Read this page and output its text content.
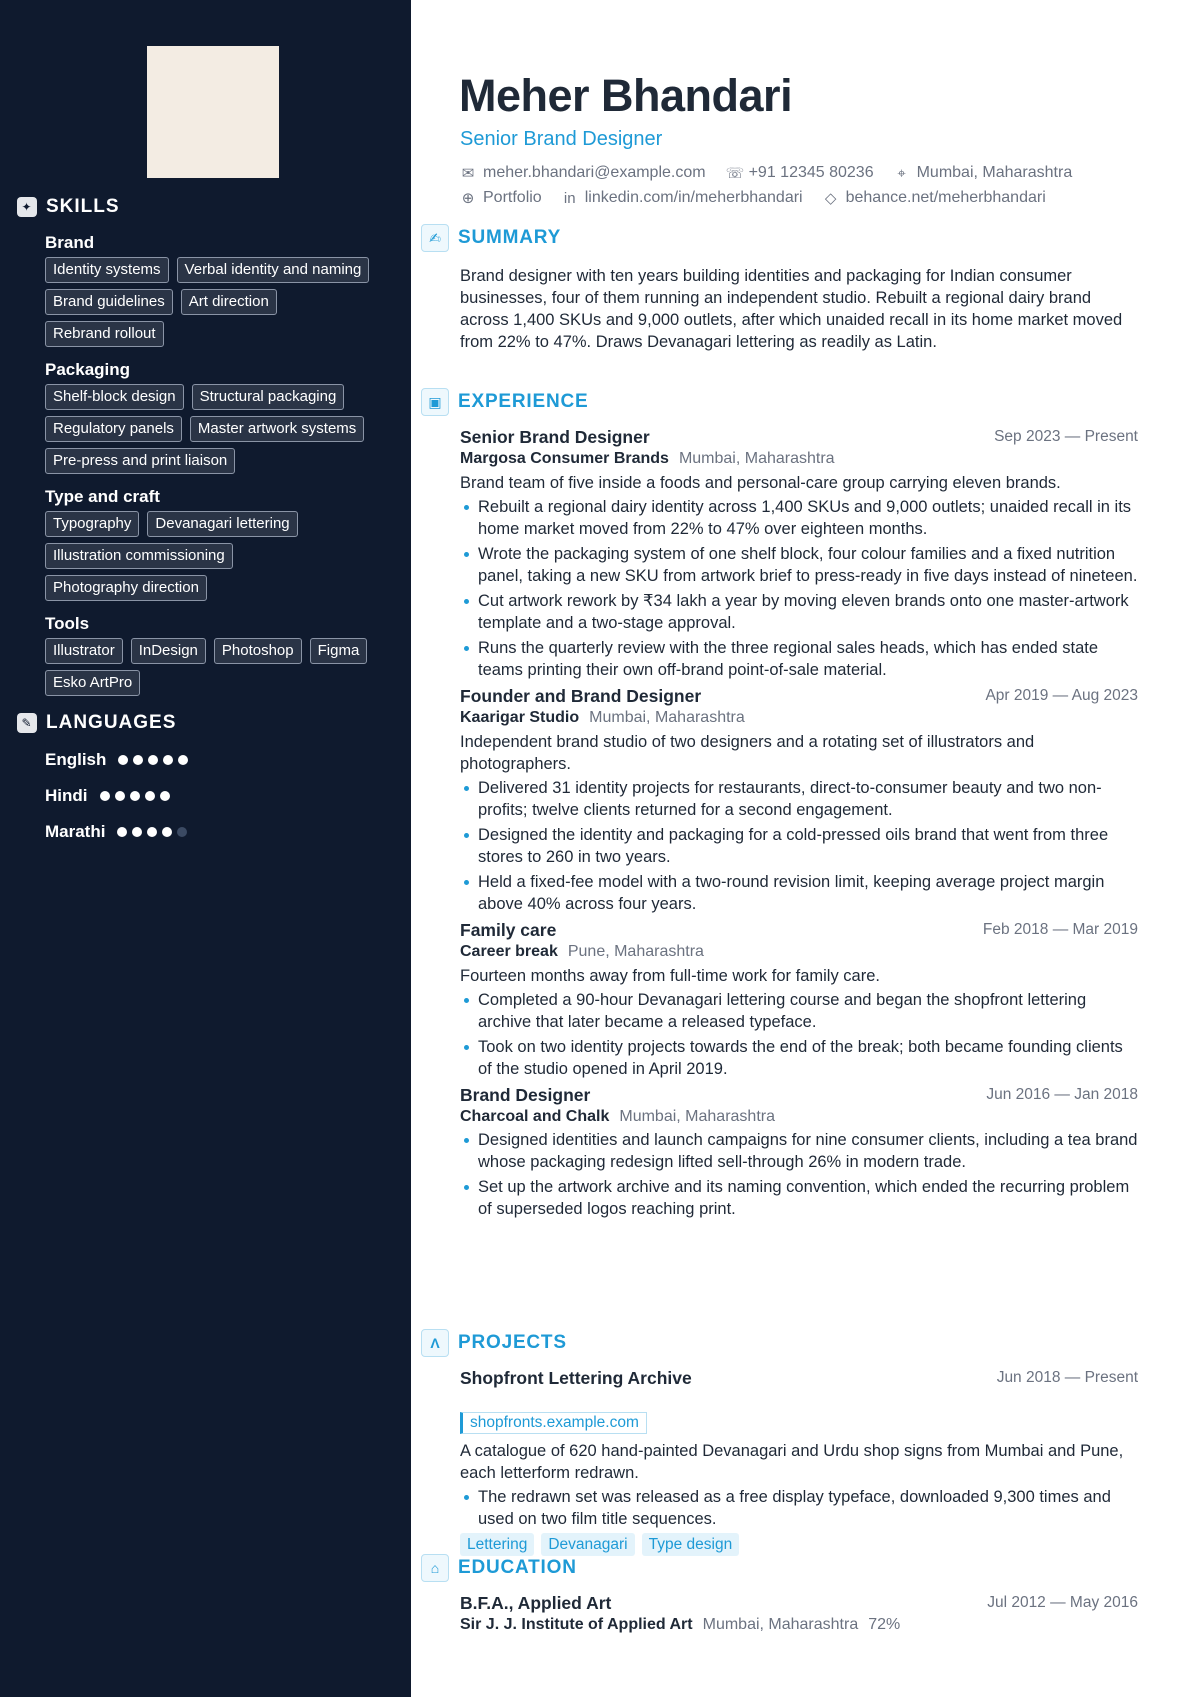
✦ SKILLS
Brand
Identity systems	Verbal identity and naming
Brand guidelines	Art direction
Rebrand rollout
Packaging
Shelf-block design	Structural packaging
Regulatory panels	Master artwork systems
Pre-press and print liaison
Type and craft
Typography	Devanagari lettering
Illustration commissioning
Photography direction
Tools
Illustrator	InDesign	Photoshop	Figma
Esko ArtPro
✎ LANGUAGES
English
Hindi
Marathi
Meher Bhandari
Senior Brand Designer
✉ meher.bhandari@example.com ☏ +91 12345 80236 ⌖ Mumbai, Maharashtra
⊕ Portfolio in linkedin.com/in/meherbhandari ◇ behance.net/meherbhandari
✍ SUMMARY
Brand designer with ten years building identities and packaging for Indian consumer businesses, four of them running an independent studio. Rebuilt a regional dairy brand across 1,400 SKUs and 9,000 outlets, after which unaided recall in its home market moved from 22% to 47%. Draws Devanagari lettering as readily as Latin.
▣ EXPERIENCE
Senior Brand Designer	Sep 2023 — Present
Margosa Consumer Brands Mumbai, Maharashtra
Brand team of five inside a foods and personal-care group carrying eleven brands.
Rebuilt a regional dairy identity across 1,400 SKUs and 9,000 outlets; unaided recall in its home market moved from 22% to 47% over eighteen months.
Wrote the packaging system of one shelf block, four colour families and a fixed nutrition panel, taking a new SKU from artwork brief to press-ready in five days instead of nineteen.
Cut artwork rework by ₹34 lakh a year by moving eleven brands onto one master-artwork template and a two-stage approval.
Runs the quarterly review with the three regional sales heads, which has ended state teams printing their own off-brand point-of-sale material.
Founder and Brand Designer	Apr 2019 — Aug 2023
Kaarigar Studio Mumbai, Maharashtra
Independent brand studio of two designers and a rotating set of illustrators and photographers.
Delivered 31 identity projects for restaurants, direct-to-consumer beauty and two non-profits; twelve clients returned for a second engagement.
Designed the identity and packaging for a cold-pressed oils brand that went from three stores to 260 in two years.
Held a fixed-fee model with a two-round revision limit, keeping average project margin above 40% across four years.
Family care	Feb 2018 — Mar 2019
Career break Pune, Maharashtra
Fourteen months away from full-time work for family care.
Completed a 90-hour Devanagari lettering course and began the shopfront lettering archive that later became a released typeface.
Took on two identity projects towards the end of the break; both became founding clients of the studio opened in April 2019.
Brand Designer	Jun 2016 — Jan 2018
Charcoal and Chalk Mumbai, Maharashtra
Designed identities and launch campaigns for nine consumer clients, including a tea brand whose packaging redesign lifted sell-through 26% in modern trade.
Set up the artwork archive and its naming convention, which ended the recurring problem of superseded logos reaching print.
Λ PROJECTS
Shopfront Lettering Archive	Jun 2018 — Present
shopfronts.example.com
A catalogue of 620 hand-painted Devanagari and Urdu shop signs from Mumbai and Pune, each letterform redrawn.
The redrawn set was released as a free display typeface, downloaded 9,300 times and used on two film title sequences.
Lettering	Devanagari	Type design
⌂ EDUCATION
B.F.A., Applied Art	Jul 2012 — May 2016
Sir J. J. Institute of Applied Art Mumbai, Maharashtra 72%
